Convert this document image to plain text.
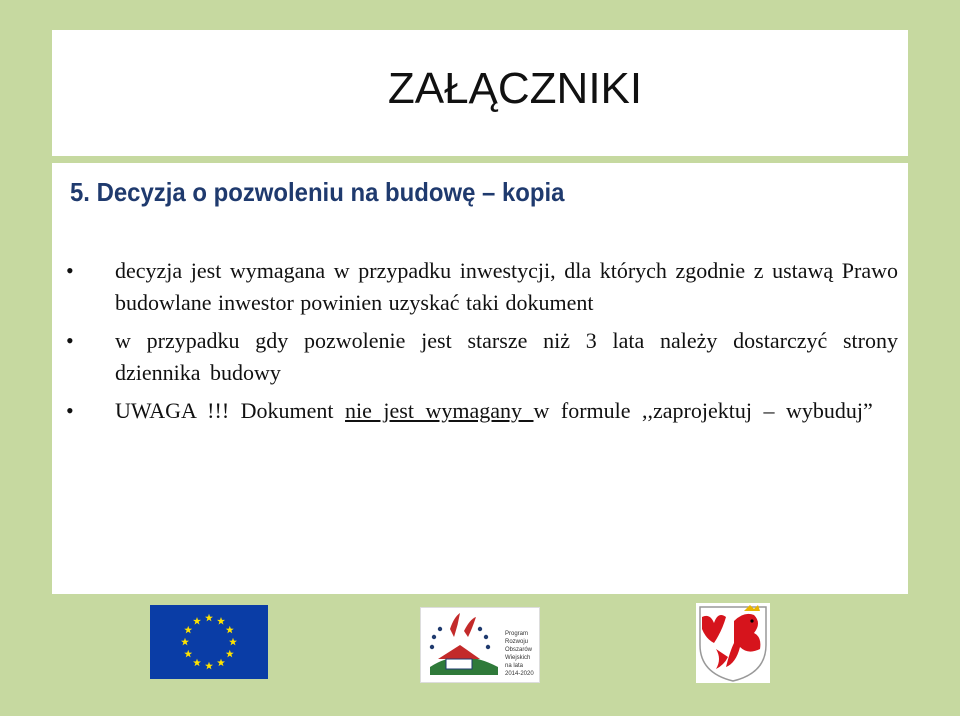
ZAŁĄCZNIKI
5. Decyzja o pozwoleniu na budowę – kopia
• decyzja jest wymagana w przypadku inwestycji, dla których zgodnie z ustawą Prawo budowlane inwestor powinien uzyskać taki dokument
• w przypadku gdy pozwolenie jest starsze niż 3 lata należy dostarczyć strony dziennika budowy
• UWAGA !!! Dokument nie jest wymagany w formule ,,zaprojektuj – wybuduj”
Program
Rozwoju
Obszarów
Wiejskich
na lata 2014-2020
